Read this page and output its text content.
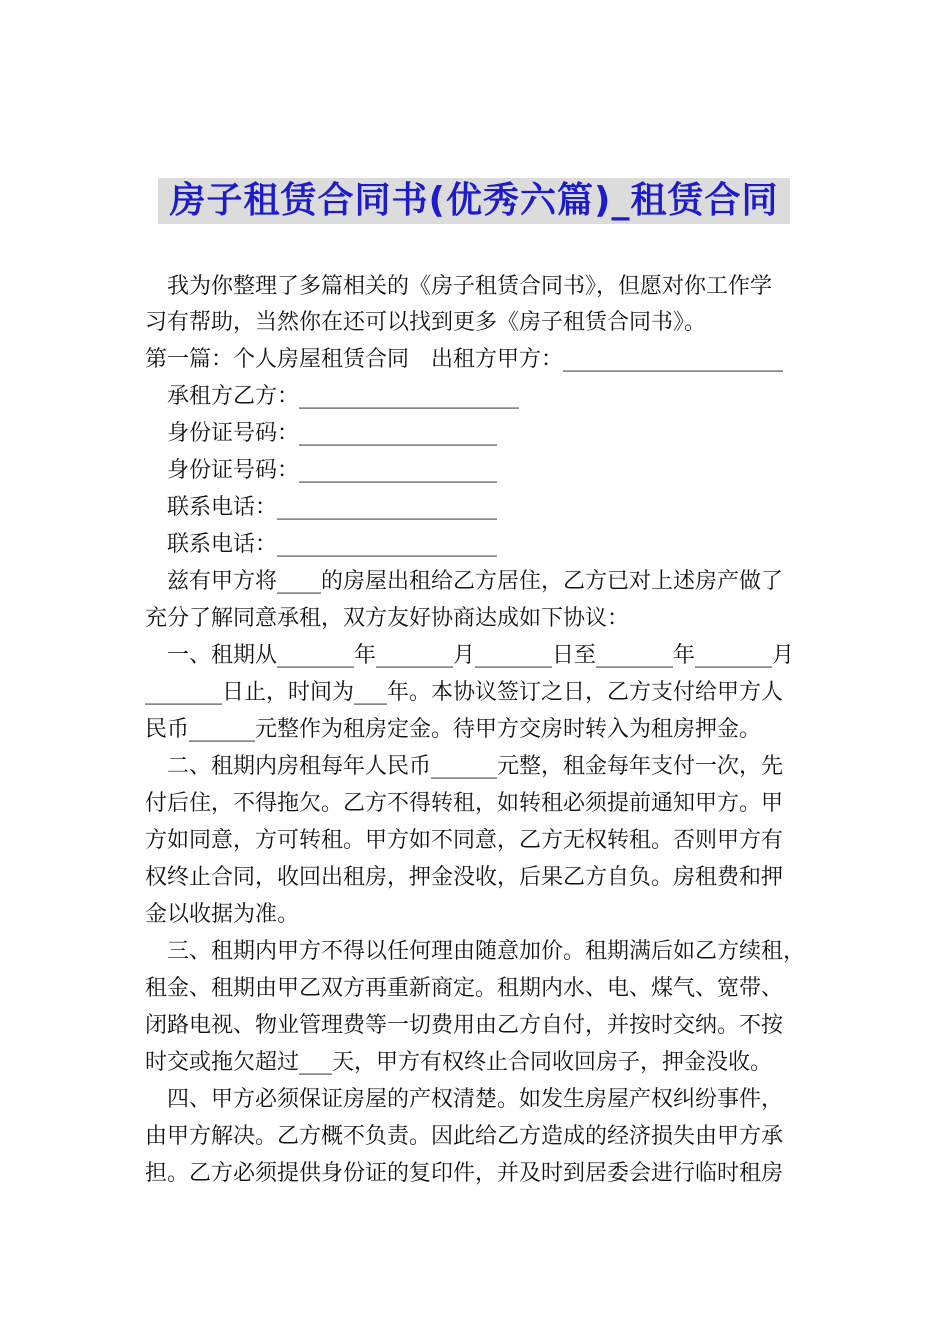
房子租赁合同书(优秀六篇)_租赁合同
我为你整理了多篇相关的《房子租赁合同书》，但愿对你工作学
习有帮助，当然你在还可以找到更多《房子租赁合同书》。
第一篇：个人房屋租赁合同　出租方甲方：____________________
承租方乙方：____________________
身份证号码：__________________
身份证号码：__________________
联系电话：____________________
联系电话：____________________
兹有甲方将____的房屋出租给乙方居住，乙方已对上述房产做了
充分了解同意承租，双方友好协商达成如下协议：
一、租期从_______年_______月_______日至_______年_______月
_______日止，时间为___年。本协议签订之日，乙方支付给甲方人
民币______元整作为租房定金。待甲方交房时转入为租房押金。
二、租期内房租每年人民币______元整，租金每年支付一次，先
付后住，不得拖欠。乙方不得转租，如转租必须提前通知甲方。甲
方如同意，方可转租。甲方如不同意，乙方无权转租。否则甲方有
权终止合同，收回出租房，押金没收，后果乙方自负。房租费和押
金以收据为准。
三、租期内甲方不得以任何理由随意加价。租期满后如乙方续租，
租金、租期由甲乙双方再重新商定。租期内水、电、煤气、宽带、
闭路电视、物业管理费等一切费用由乙方自付，并按时交纳。不按
时交或拖欠超过___天，甲方有权终止合同收回房子，押金没收。
四、甲方必须保证房屋的产权清楚。如发生房屋产权纠纷事件，
由甲方解决。乙方概不负责。因此给乙方造成的经济损失由甲方承
担。乙方必须提供身份证的复印件，并及时到居委会进行临时租房
